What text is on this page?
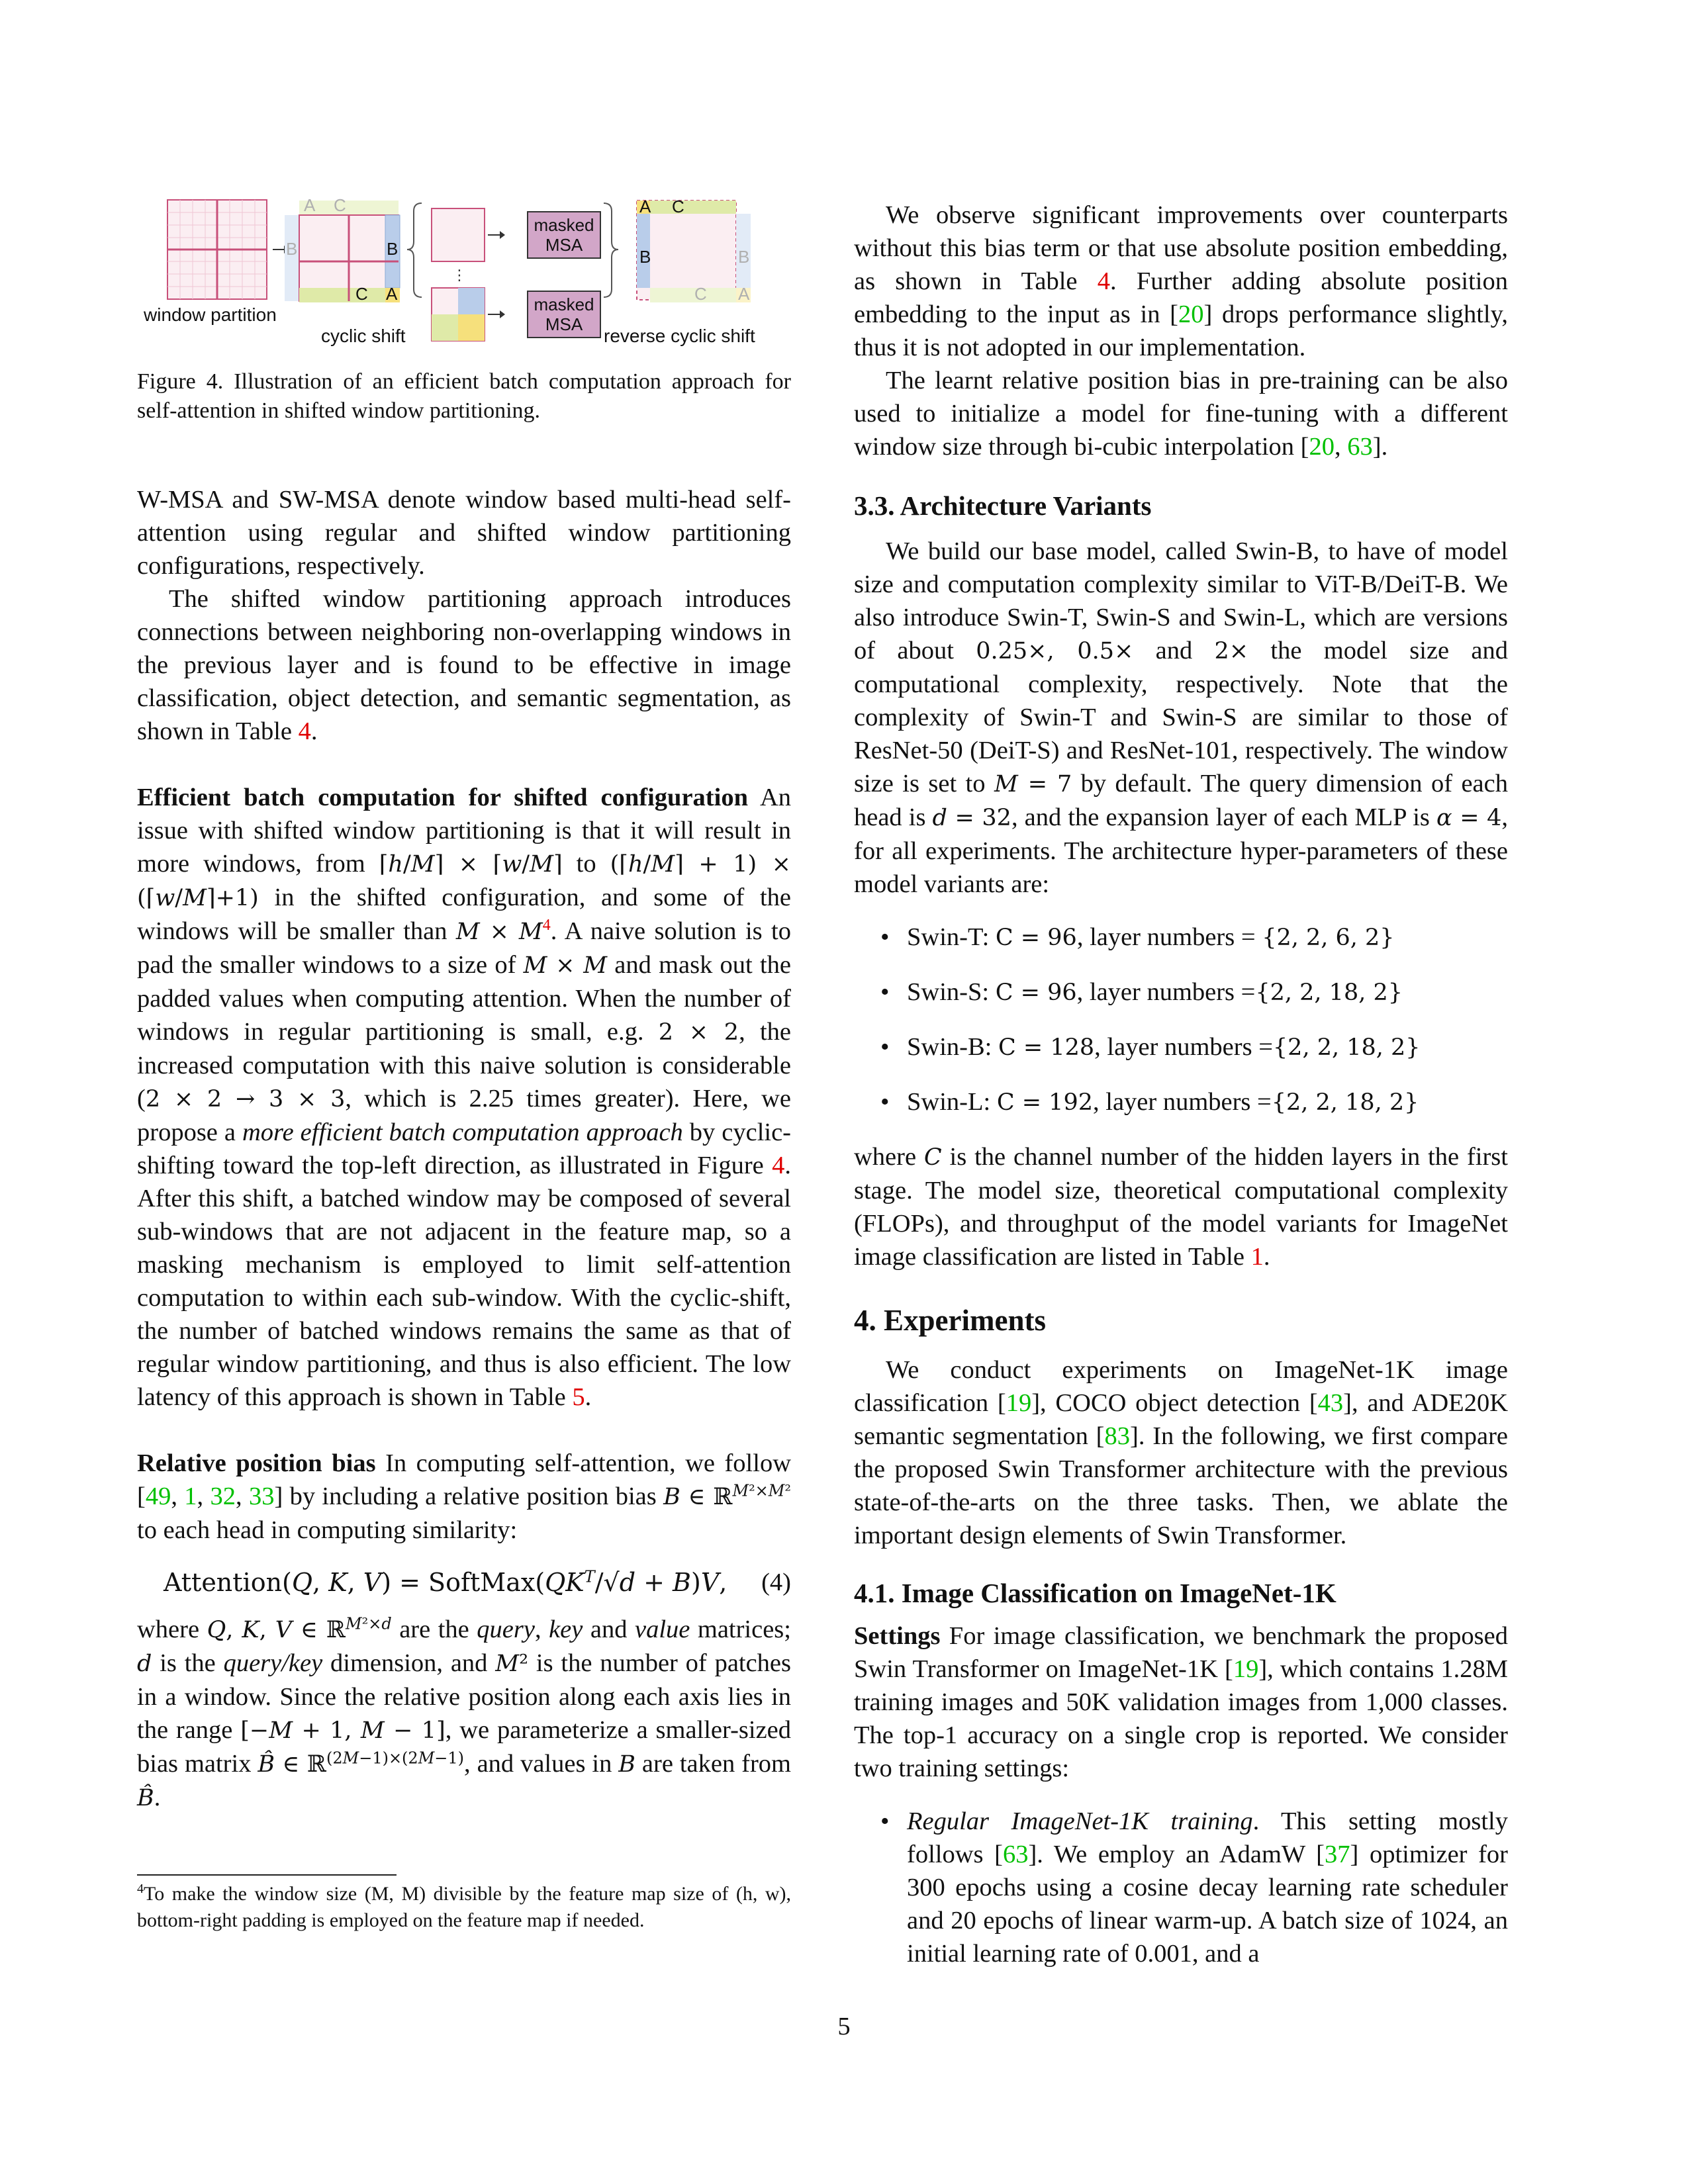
window partition
A C
B	B
C A
cyclic shift
⋮
masked
MSA
masked
MSA
A C
B	B
C A
reverse cyclic shift

Figure 4. Illustration of an efficient batch computation approach for self-attention in shifted window partitioning.

W-MSA and SW-MSA denote window based multi-head self-attention using regular and shifted window partitioning configurations, respectively.

The shifted window partitioning approach introduces connections between neighboring non-overlapping windows in the previous layer and is found to be effective in image classification, object detection, and semantic segmentation, as shown in Table 4.

Efficient batch computation for shifted configuration An issue with shifted window partitioning is that it will result in more windows, from ⌈h/M⌉ × ⌈w/M⌉ to (⌈h/M⌉ + 1) × (⌈w/M⌉+1) in the shifted configuration, and some of the windows will be smaller than M × M$^4$. A naive solution is to pad the smaller windows to a size of M × M and mask out the padded values when computing attention. When the number of windows in regular partitioning is small, e.g. 2 × 2, the increased computation with this naive solution is considerable (2 × 2 → 3 × 3, which is 2.25 times greater). Here, we propose a more efficient batch computation approach by cyclic-shifting toward the top-left direction, as illustrated in Figure 4. After this shift, a batched window may be composed of several sub-windows that are not adjacent in the feature map, so a masking mechanism is employed to limit self-attention computation to within each sub-window. With the cyclic-shift, the number of batched windows remains the same as that of regular window partitioning, and thus is also efficient. The low latency of this approach is shown in Table 5.

Relative position bias In computing self-attention, we follow [49, 1, 32, 33] by including a relative position bias B ∈ ℝ$^{M^2\times M^2}$ to each head in computing similarity:

Attention(Q, K, $V) = SoftMax(QK^T/√d + B)V$, (4)

where Q, K, V ∈ ℝ$^{M^2\times d}$ are the query, key and value matrices; d is the query/key dimension, and M² is the number of patches in a window. Since the relative position along each axis lies in the range [−M + 1, M − 1], we parameterize a smaller-sized bias matrix B̂ ∈ ℝ$^{(2M-1)\times(2M-1)}$, and values in B are taken from B̂.

$^4$To make the window size (M, M) divisible by the feature map size of (h, w), bottom-right padding is employed on the feature map if needed.

We observe significant improvements over counterparts without this bias term or that use absolute position embedding, as shown in Table 4. Further adding absolute position embedding to the input as in [20] drops performance slightly, thus it is not adopted in our implementation.

The learnt relative position bias in pre-training can be also used to initialize a model for fine-tuning with a different window size through bi-cubic interpolation [20, 63].

3.3. Architecture Variants

We build our base model, called Swin-B, to have of model size and computation complexity similar to ViT-B/DeiT-B. We also introduce Swin-T, Swin-S and Swin-L, which are versions of about 0.25×, 0.5× and 2× the model size and computational complexity, respectively. Note that the complexity of Swin-T and Swin-S are similar to those of ResNet-50 (DeiT-S) and ResNet-101, respectively. The window size is set to M = 7 by default. The query dimension of each head is d = 32, and the expansion layer of each MLP is α = 4, for all experiments. The architecture hyper-parameters of these model variants are:

• Swin-T: C = 96, layer numbers = {2, 2, 6, 2}
• Swin-S: C = 96, layer numbers ={2, 2, 18, 2}
• Swin-B: C = 128, layer numbers ={2, 2, 18, 2}
• Swin-L: C = 192, layer numbers ={2, 2, 18, 2}

where C is the channel number of the hidden layers in the first stage. The model size, theoretical computational complexity (FLOPs), and throughput of the model variants for ImageNet image classification are listed in Table 1.

4. Experiments

We conduct experiments on ImageNet-1K image classification [19], COCO object detection [43], and ADE20K semantic segmentation [83]. In the following, we first compare the proposed Swin Transformer architecture with the previous state-of-the-arts on the three tasks. Then, we ablate the important design elements of Swin Transformer.

4.1. Image Classification on ImageNet-1K

Settings For image classification, we benchmark the proposed Swin Transformer on ImageNet-1K [19], which contains 1.28M training images and 50K validation images from 1,000 classes. The top-1 accuracy on a single crop is reported. We consider two training settings:

• Regular ImageNet-1K training. This setting mostly follows [63]. We employ an AdamW [37] optimizer for 300 epochs using a cosine decay learning rate scheduler and 20 epochs of linear warm-up. A batch size of 1024, an initial learning rate of 0.001, and a
5
